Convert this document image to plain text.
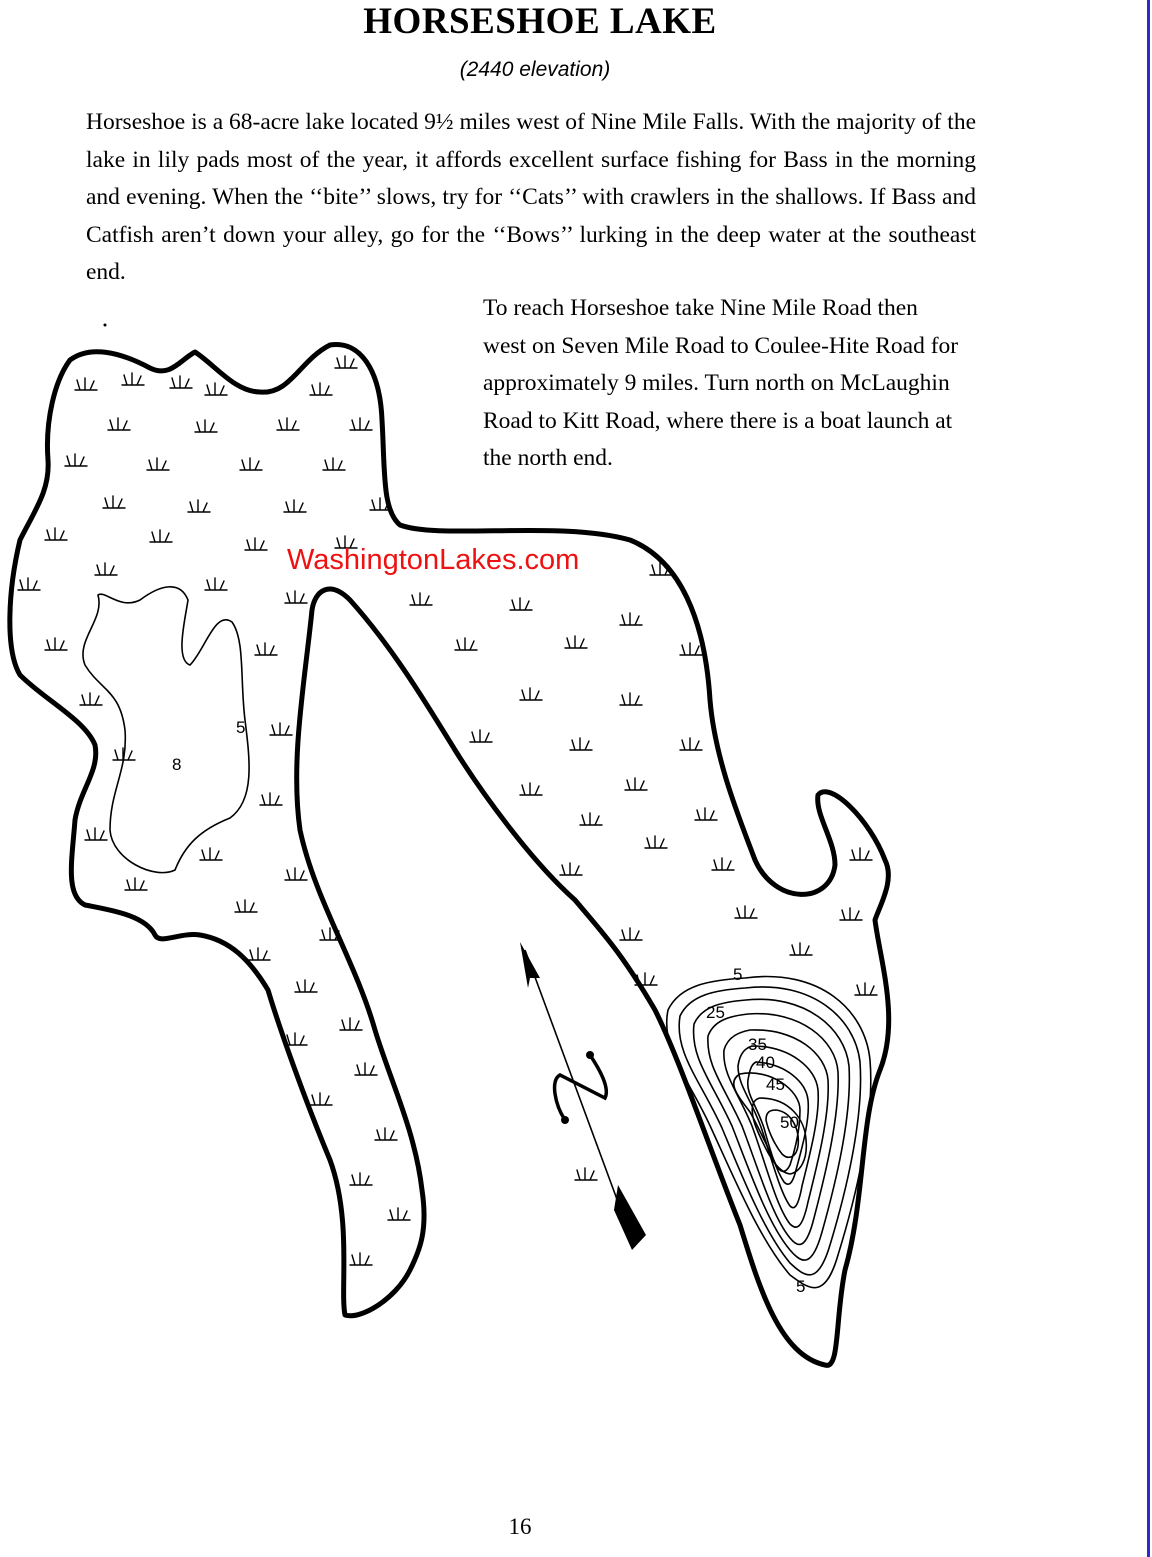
HORSESHOE LAKE
(2440 elevation)

Horseshoe is a 68-acre lake located 9½ miles west of Nine Mile Falls. With the majority of the lake in lily pads most of the year, it affords excellent surface fishing for Bass in the morning and evening. When the ‘‘bite’’ slows, try for ‘‘Cats’’ with crawlers in the shallows. If Bass and Catfish aren’t down your alley, go for the ‘‘Bows’’ lurking in the deep water at the southeast end.

To reach Horseshoe take Nine Mile Road then west on Seven Mile Road to Coulee-Hite Road for approximately 9 miles. Turn north on McLaughin Road to Kitt Road, where there is a boat launch at the north end.

5
8
5
25
35
40
45
50
5
WashingtonLakes.com
16
